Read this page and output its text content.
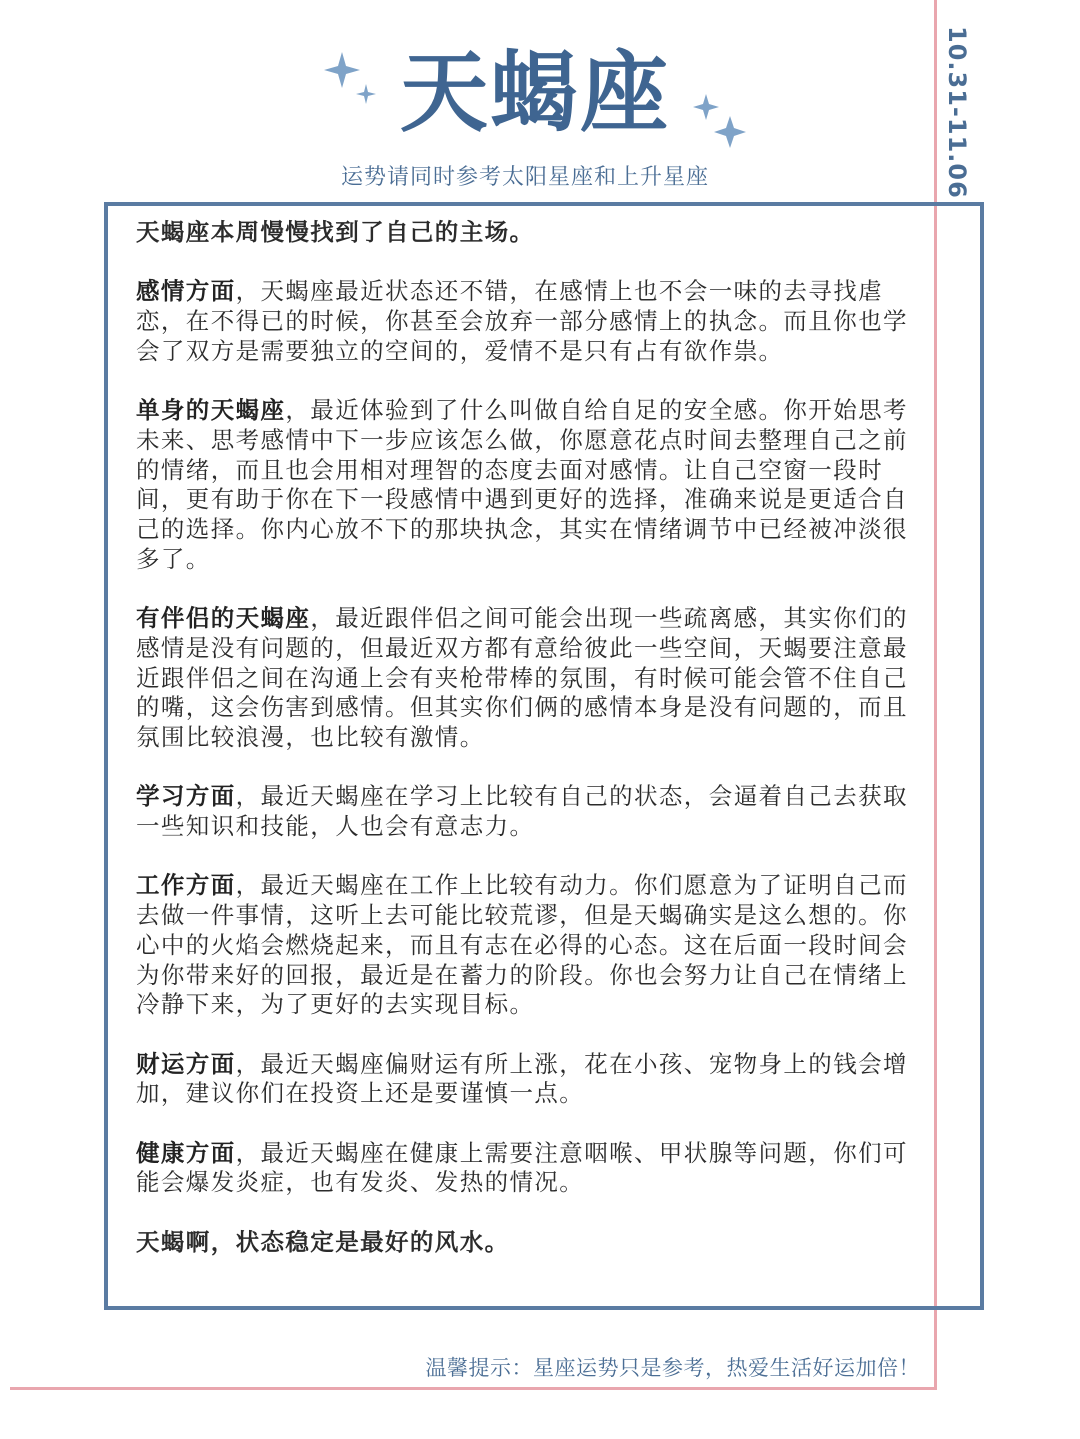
10.31-11.06
天蝎座
运势请同时参考太阳星座和上升星座

天蝎座本周慢慢找到了自己的主场。

感情方面，天蝎座最近状态还不错，在感情上也不会一味的去寻找虐恋，在不得已的时候，你甚至会放弃一部分感情上的执念。而且你也学会了双方是需要独立的空间的，爱情不是只有占有欲作祟。

单身的天蝎座，最近体验到了什么叫做自给自足的安全感。你开始思考未来、思考感情中下一步应该怎么做，你愿意花点时间去整理自己之前的情绪，而且也会用相对理智的态度去面对感情。让自己空窗一段时间，更有助于你在下一段感情中遇到更好的选择，准确来说是更适合自己的选择。你内心放不下的那块执念，其实在情绪调节中已经被冲淡很多了。

有伴侣的天蝎座，最近跟伴侣之间可能会出现一些疏离感，其实你们的感情是没有问题的，但最近双方都有意给彼此一些空间，天蝎要注意最近跟伴侣之间在沟通上会有夹枪带棒的氛围，有时候可能会管不住自己的嘴，这会伤害到感情。但其实你们俩的感情本身是没有问题的，而且氛围比较浪漫，也比较有激情。

学习方面，最近天蝎座在学习上比较有自己的状态，会逼着自己去获取一些知识和技能，人也会有意志力。

工作方面，最近天蝎座在工作上比较有动力。你们愿意为了证明自己而去做一件事情，这听上去可能比较荒谬，但是天蝎确实是这么想的。你心中的火焰会燃烧起来，而且有志在必得的心态。这在后面一段时间会为你带来好的回报，最近是在蓄力的阶段。你也会努力让自己在情绪上冷静下来，为了更好的去实现目标。

财运方面，最近天蝎座偏财运有所上涨，花在小孩、宠物身上的钱会增加，建议你们在投资上还是要谨慎一点。

健康方面，最近天蝎座在健康上需要注意咽喉、甲状腺等问题，你们可能会爆发炎症，也有发炎、发热的情况。

天蝎啊，状态稳定是最好的风水。

温馨提示：星座运势只是参考，热爱生活好运加倍！
